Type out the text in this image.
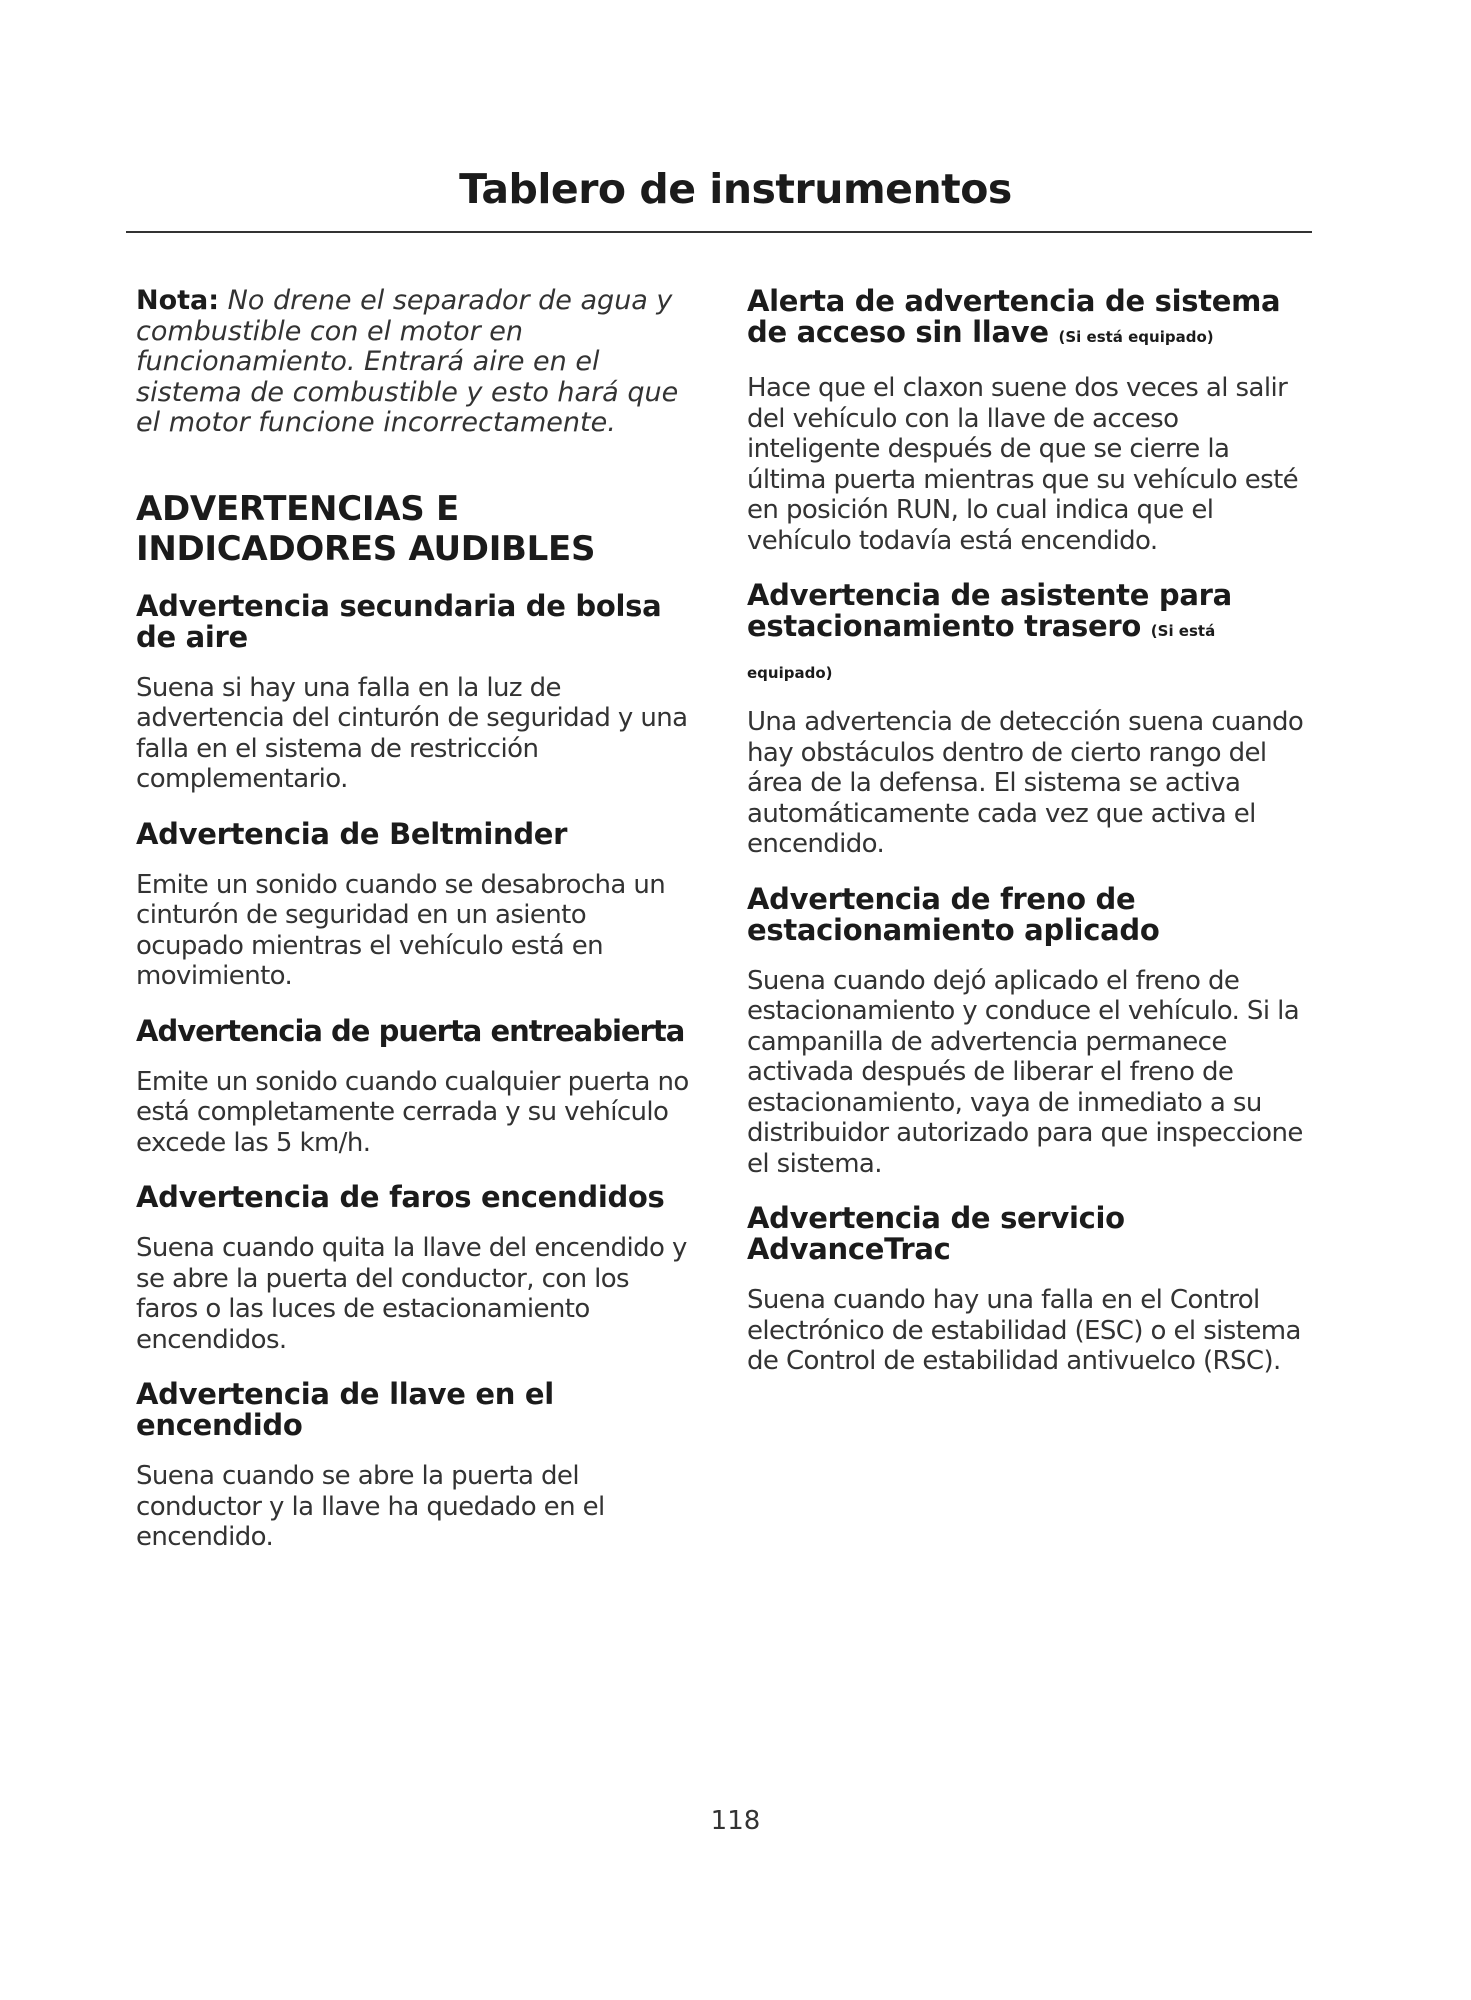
Tablero de instrumentos

Nota: No drene el separador de agua y combustible con el motor en funcionamiento. Entrará aire en el sistema de combustible y esto hará que el motor funcione incorrectamente.

ADVERTENCIAS E
INDICADORES AUDIBLES
Advertencia secundaria de bolsa de aire

Suena si hay una falla en la luz de advertencia del cinturón de seguridad y una falla en el sistema de restricción complementario.

Advertencia de Beltminder

Emite un sonido cuando se desabrocha un cinturón de seguridad en un asiento ocupado mientras el vehículo está en movimiento.

Advertencia de puerta entreabierta

Emite un sonido cuando cualquier puerta no está completamente cerrada y su vehículo excede las 5 km/h.

Advertencia de faros encendidos

Suena cuando quita la llave del encendido y se abre la puerta del conductor, con los faros o las luces de estacionamiento encendidos.

Advertencia de llave en el encendido

Suena cuando se abre la puerta del conductor y la llave ha quedado en el encendido.

Alerta de advertencia de sistema de acceso sin llave (Si está equipado)

Hace que el claxon suene dos veces al salir del vehículo con la llave de acceso inteligente después de que se cierre la última puerta mientras que su vehículo esté en posición RUN, lo cual indica que el vehículo todavía está encendido.

Advertencia de asistente para estacionamiento trasero (Si está
equipado)

Una advertencia de detección suena cuando hay obstáculos dentro de cierto rango del área de la defensa. El sistema se activa automáticamente cada vez que activa el encendido.

Advertencia de freno de estacionamiento aplicado

Suena cuando dejó aplicado el freno de estacionamiento y conduce el vehículo. Si la campanilla de advertencia permanece activada después de liberar el freno de estacionamiento, vaya de inmediato a su distribuidor autorizado para que inspeccione el sistema.

Advertencia de servicio AdvanceTrac

Suena cuando hay una falla en el Control electrónico de estabilidad (ESC) o el sistema de Control de estabilidad antivuelco (RSC).

118
